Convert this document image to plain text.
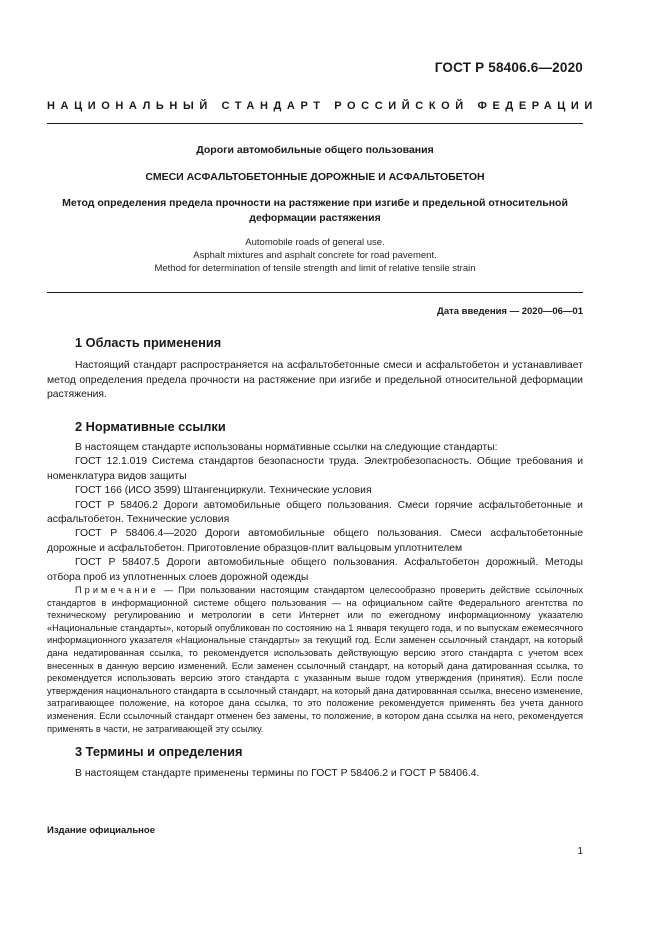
ГОСТ Р 58406.6—2020
НАЦИОНАЛЬНЫЙ СТАНДАРТ РОССИЙСКОЙ ФЕДЕРАЦИИ
Дороги автомобильные общего пользования
СМЕСИ АСФАЛЬТОБЕТОННЫЕ ДОРОЖНЫЕ И АСФАЛЬТОБЕТОН
Метод определения предела прочности на растяжение при изгибе и предельной относительной
деформации растяжения
Automobile roads of general use.
Asphalt mixtures and asphalt concrete for road pavement.
Method for determination of tensile strength and limit of relative tensile strain
Дата введения — 2020—06—01
1 Область применения
Настоящий стандарт распространяется на асфальтобетонные смеси и асфальтобетон и устанавливает метод определения предела прочности на растяжение при изгибе и предельной относительной деформации растяжения.
2 Нормативные ссылки

В настоящем стандарте использованы нормативные ссылки на следующие стандарты:

ГОСТ 12.1.019 Система стандартов безопасности труда. Электробезопасность. Общие требования и номенклатура видов защиты

ГОСТ 166 (ИСО 3599) Штангенциркули. Технические условия

ГОСТ Р 58406.2 Дороги автомобильные общего пользования. Смеси горячие асфальтобетонные и асфальтобетон. Технические условия

ГОСТ Р 58406.4—2020 Дороги автомобильные общего пользования. Смеси асфальтобетонные дорожные и асфальтобетон. Приготовление образцов-плит вальцовым уплотнителем

ГОСТ Р 58407.5 Дороги автомобильные общего пользования. Асфальтобетон дорожный. Методы отбора проб из уплотненных слоев дорожной одежды

Примечание — При пользовании настоящим стандартом целесообразно проверить действие ссылочных стандартов в информационной системе общего пользования — на официальном сайте Федерального агентства по техническому регулированию и метрологии в сети Интернет или по ежегодному информационному указателю «Национальные стандарты», который опубликован по состоянию на 1 января текущего года, и по выпускам ежемесячного информационного указателя «Национальные стандарты» за текущий год. Если заменен ссылочный стандарт, на который дана недатированная ссылка, то рекомендуется использовать действующую версию этого стандарта с учетом всех внесенных в данную версию изменений. Если заменен ссылочный стандарт, на который дана датированная ссылка, то рекомендуется использовать версию этого стандарта с указанным выше годом утверждения (принятия). Если после утверждения национального стандарта в ссылочный стандарт, на который дана датированная ссылка, внесено изменение, затрагивающее положение, на которое дана ссылка, то это положение рекомендуется применять без учета данного изменения. Если ссылочный стандарт отменен без замены, то положение, в котором дана ссылка на него, рекомендуется применять в части, не затрагивающей эту ссылку.
3 Термины и определения
В настоящем стандарте применены термины по ГОСТ Р 58406.2 и ГОСТ Р 58406.4.
Издание официальное
1
